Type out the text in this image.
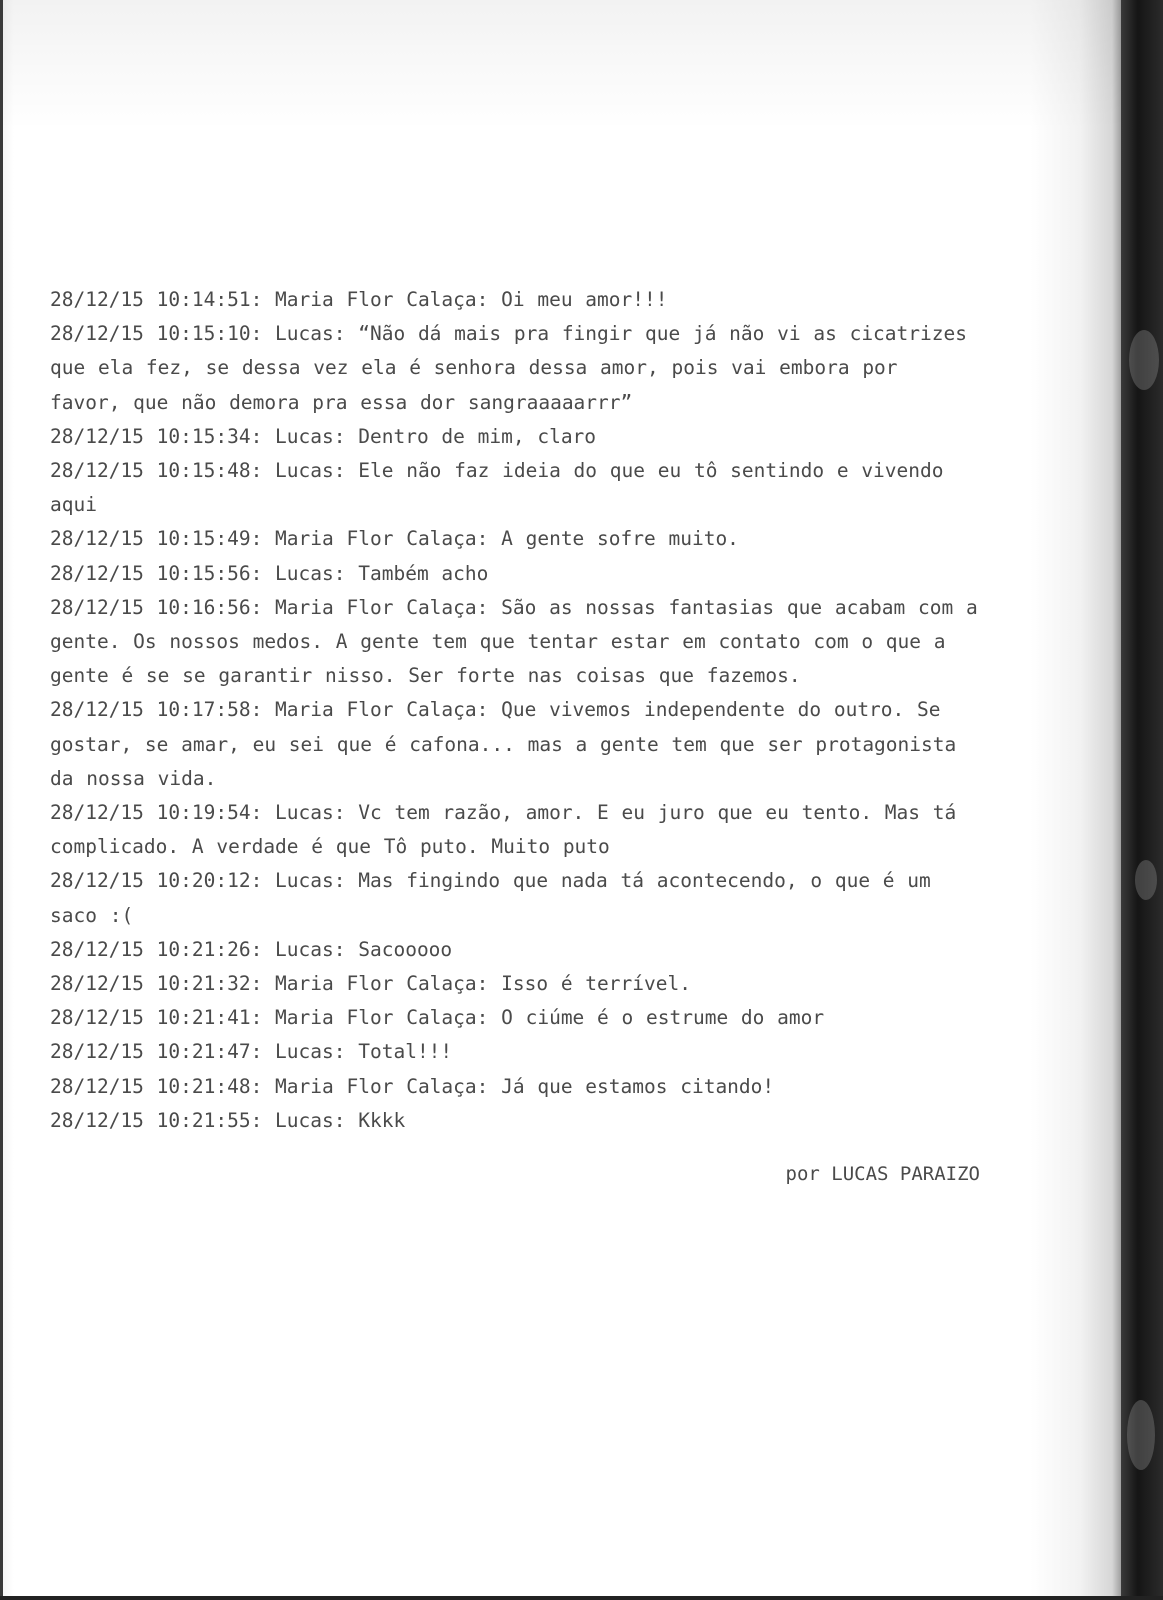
28/12/15 10:14:51: Maria Flor Calaça: Oi meu amor!!!
28/12/15 10:15:10: Lucas: “Não dá mais pra fingir que já não vi as cicatrizes que ela fez, se dessa vez ela é senhora dessa amor, pois vai embora por favor, que não demora pra essa dor sangraaaaarrr”
28/12/15 10:15:34: Lucas: Dentro de mim, claro
28/12/15 10:15:48: Lucas: Ele não faz ideia do que eu tô sentindo e vivendo aqui
28/12/15 10:15:49: Maria Flor Calaça: A gente sofre muito.
28/12/15 10:15:56: Lucas: Também acho
28/12/15 10:16:56: Maria Flor Calaça: São as nossas fantasias que acabam com a gente. Os nossos medos. A gente tem que tentar estar em contato com o que a gente é se se garantir nisso. Ser forte nas coisas que fazemos.
28/12/15 10:17:58: Maria Flor Calaça: Que vivemos independente do outro. Se gostar, se amar, eu sei que é cafona... mas a gente tem que ser protagonista da nossa vida.
28/12/15 10:19:54: Lucas: Vc tem razão, amor. E eu juro que eu tento. Mas tá complicado. A verdade é que Tô puto. Muito puto
28/12/15 10:20:12: Lucas: Mas fingindo que nada tá acontecendo, o que é um saco :(
28/12/15 10:21:26: Lucas: Sacooooo
28/12/15 10:21:32: Maria Flor Calaça: Isso é terrível.
28/12/15 10:21:41: Maria Flor Calaça: O ciúme é o estrume do amor
28/12/15 10:21:47: Lucas: Total!!!
28/12/15 10:21:48: Maria Flor Calaça: Já que estamos citando!
28/12/15 10:21:55: Lucas: Kkkk
por LUCAS PARAIZO
